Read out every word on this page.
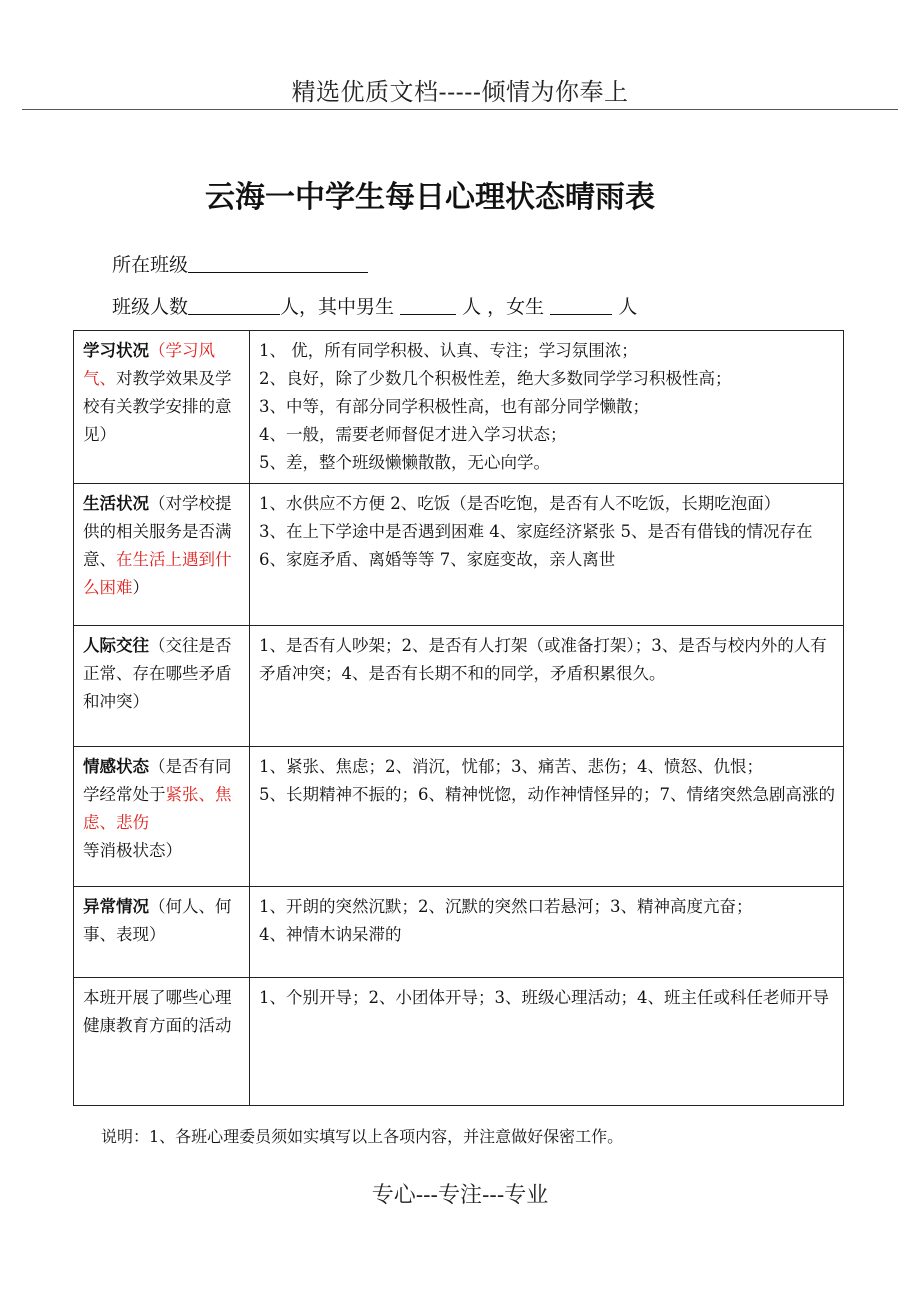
精选优质文档-----倾情为你奉上
云海一中学生每日心理状态晴雨表
所在班级
班级人数	人，其中男生	人 ，女生	人
学习状况（学习风气、对教学效果及学校有关教学安排的意见）	1、 优，所有同学积极、认真、专注；学习氛围浓；
2、良好，除了少数几个积极性差，绝大多数同学学习积极性高；
3、中等，有部分同学积极性高，也有部分同学懒散；
4、一般，需要老师督促才进入学习状态；
5、差，整个班级懒懒散散，无心向学。

生活状况（对学校提供的相关服务是否满意、在生活上遇到什么困难）	1、水供应不方便 2、吃饭（是否吃饱，是否有人不吃饭，长期吃泡面）
3、在上下学途中是否遇到困难 4、家庭经济紧张 5、是否有借钱的情况存在　6、家庭矛盾、离婚等等 7、家庭变故，亲人离世

人际交往（交往是否正常、存在哪些矛盾和冲突）	1、是否有人吵架；2、是否有人打架（或准备打架）；3、是否与校内外的人有矛盾冲突；4、是否有长期不和的同学，矛盾积累很久。

情感状态（是否有同学经常处于紧张、焦虑、悲伤等消极状态）	1、紧张、焦虑；2、消沉，忧郁；3、痛苦、悲伤；4、愤怒、仇恨；
5、长期精神不振的；6、精神恍惚，动作神情怪异的；7、情绪突然急剧高涨的

异常情况（何人、何事、表现）	1、开朗的突然沉默；2、沉默的突然口若悬河；3、精神高度亢奋；
4、神情木讷呆滞的

本班开展了哪些心理健康教育方面的活动	1、个别开导；2、小团体开导；3、班级心理活动；4、班主任或科任老师开导
说明：1、各班心理委员须如实填写以上各项内容，并注意做好保密工作。
专心---专注---专业
